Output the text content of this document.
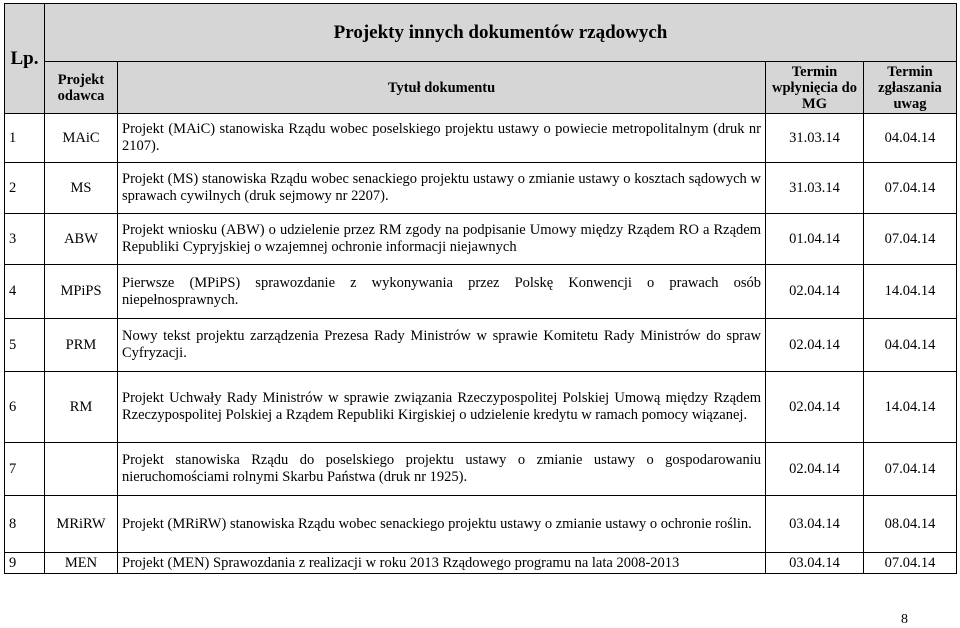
Lp.	Projekty innych dokumentów rządowych			
	Projekt odawca	Tytuł dokumentu	Termin wpłynięcia do MG	Termin zgłaszania uwag
1	MAiC	Projekt (MAiC) stanowiska Rządu wobec poselskiego projektu ustawy o powiecie metropolitalnym (druk nr 2107).	31.03.14	04.04.14
2	MS	Projekt (MS) stanowiska Rządu wobec senackiego projektu ustawy o zmianie ustawy o kosztach sądowych w sprawach cywilnych (druk sejmowy nr 2207).	31.03.14	07.04.14
3	ABW	Projekt wniosku (ABW) o udzielenie przez RM zgody na podpisanie Umowy między Rządem RO a Rządem Republiki Cypryjskiej o wzajemnej ochronie informacji niejawnych	01.04.14	07.04.14
4	MPiPS	Pierwsze (MPiPS) sprawozdanie z wykonywania przez Polskę Konwencji o prawach osób niepełnosprawnych.	02.04.14	14.04.14
5	PRM	Nowy tekst projektu zarządzenia Prezesa Rady Ministrów w sprawie Komitetu Rady Ministrów do spraw Cyfryzacji.	02.04.14	04.04.14
6	RM	Projekt Uchwały Rady Ministrów w sprawie związania Rzeczypospolitej Polskiej Umową między Rządem Rzeczypospolitej Polskiej a Rządem Republiki Kirgiskiej o udzielenie kredytu w ramach pomocy wiązanej.	02.04.14	14.04.14
7		Projekt stanowiska Rządu do poselskiego projektu ustawy o zmianie ustawy o gospodarowaniu nieruchomościami rolnymi Skarbu Państwa (druk nr 1925).	02.04.14	07.04.14
8	MRiRW	Projekt (MRiRW) stanowiska Rządu wobec senackiego projektu ustawy o zmianie ustawy o ochronie roślin.	03.04.14	08.04.14
9	MEN	Projekt (MEN) Sprawozdania z realizacji w roku 2013 Rządowego programu na lata 2008-2013	03.04.14	07.04.14
8
